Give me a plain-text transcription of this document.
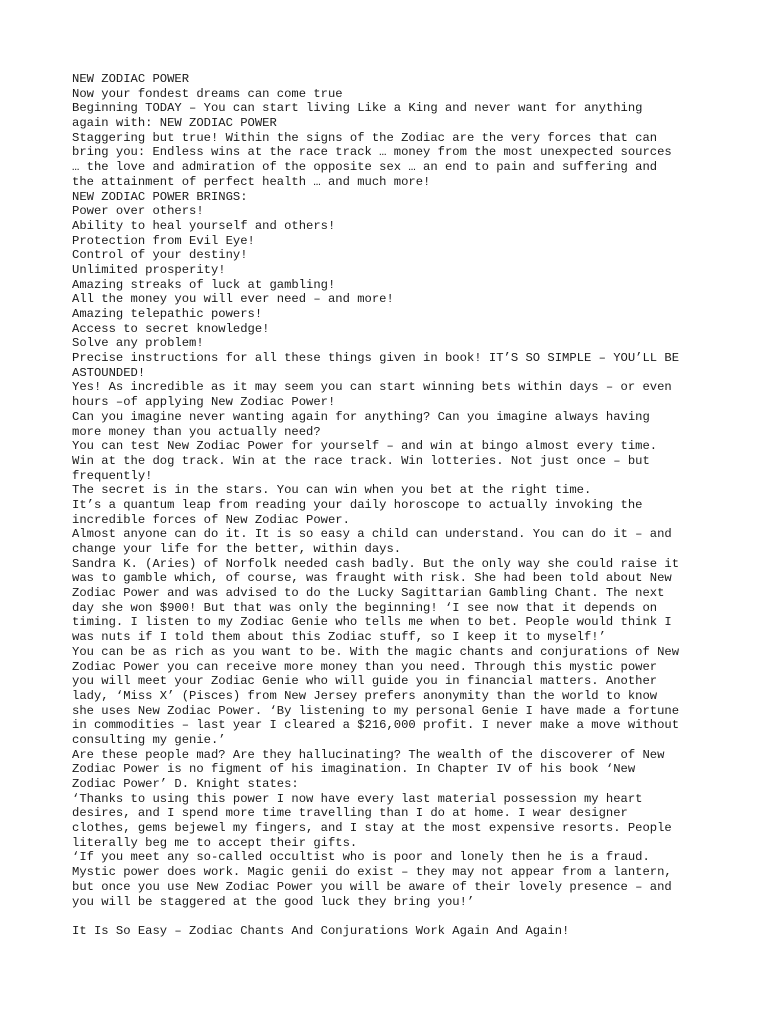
NEW ZODIAC POWER
Now your fondest dreams can come true
Beginning TODAY – You can start living Like a King and never want for anything
again with: NEW ZODIAC POWER
Staggering but true! Within the signs of the Zodiac are the very forces that can
bring you: Endless wins at the race track … money from the most unexpected sources
… the love and admiration of the opposite sex … an end to pain and suffering and
the attainment of perfect health … and much more!
NEW ZODIAC POWER BRINGS:
Power over others!
Ability to heal yourself and others!
Protection from Evil Eye!
Control of your destiny!
Unlimited prosperity!
Amazing streaks of luck at gambling!
All the money you will ever need – and more!
Amazing telepathic powers!
Access to secret knowledge!
Solve any problem!
Precise instructions for all these things given in book! IT’S SO SIMPLE – YOU’LL BE
ASTOUNDED!
Yes! As incredible as it may seem you can start winning bets within days – or even
hours –of applying New Zodiac Power!
Can you imagine never wanting again for anything? Can you imagine always having
more money than you actually need?
You can test New Zodiac Power for yourself – and win at bingo almost every time.
Win at the dog track. Win at the race track. Win lotteries. Not just once – but
frequently!
The secret is in the stars. You can win when you bet at the right time.
It’s a quantum leap from reading your daily horoscope to actually invoking the
incredible forces of New Zodiac Power.
Almost anyone can do it. It is so easy a child can understand. You can do it – and
change your life for the better, within days.
Sandra K. (Aries) of Norfolk needed cash badly. But the only way she could raise it
was to gamble which, of course, was fraught with risk. She had been told about New
Zodiac Power and was advised to do the Lucky Sagittarian Gambling Chant. The next
day she won $900! But that was only the beginning! ‘I see now that it depends on
timing. I listen to my Zodiac Genie who tells me when to bet. People would think I
was nuts if I told them about this Zodiac stuff, so I keep it to myself!’
You can be as rich as you want to be. With the magic chants and conjurations of New
Zodiac Power you can receive more money than you need. Through this mystic power
you will meet your Zodiac Genie who will guide you in financial matters. Another
lady, ‘Miss X’ (Pisces) from New Jersey prefers anonymity than the world to know
she uses New Zodiac Power. ‘By listening to my personal Genie I have made a fortune
in commodities – last year I cleared a $216,000 profit. I never make a move without
consulting my genie.’
Are these people mad? Are they hallucinating? The wealth of the discoverer of New
Zodiac Power is no figment of his imagination. In Chapter IV of his book ‘New
Zodiac Power’ D. Knight states:
‘Thanks to using this power I now have every last material possession my heart
desires, and I spend more time travelling than I do at home. I wear designer
clothes, gems bejewel my fingers, and I stay at the most expensive resorts. People
literally beg me to accept their gifts.
‘If you meet any so-called occultist who is poor and lonely then he is a fraud.
Mystic power does work. Magic genii do exist – they may not appear from a lantern,
but once you use New Zodiac Power you will be aware of their lovely presence – and
you will be staggered at the good luck they bring you!’
It Is So Easy – Zodiac Chants And Conjurations Work Again And Again!
